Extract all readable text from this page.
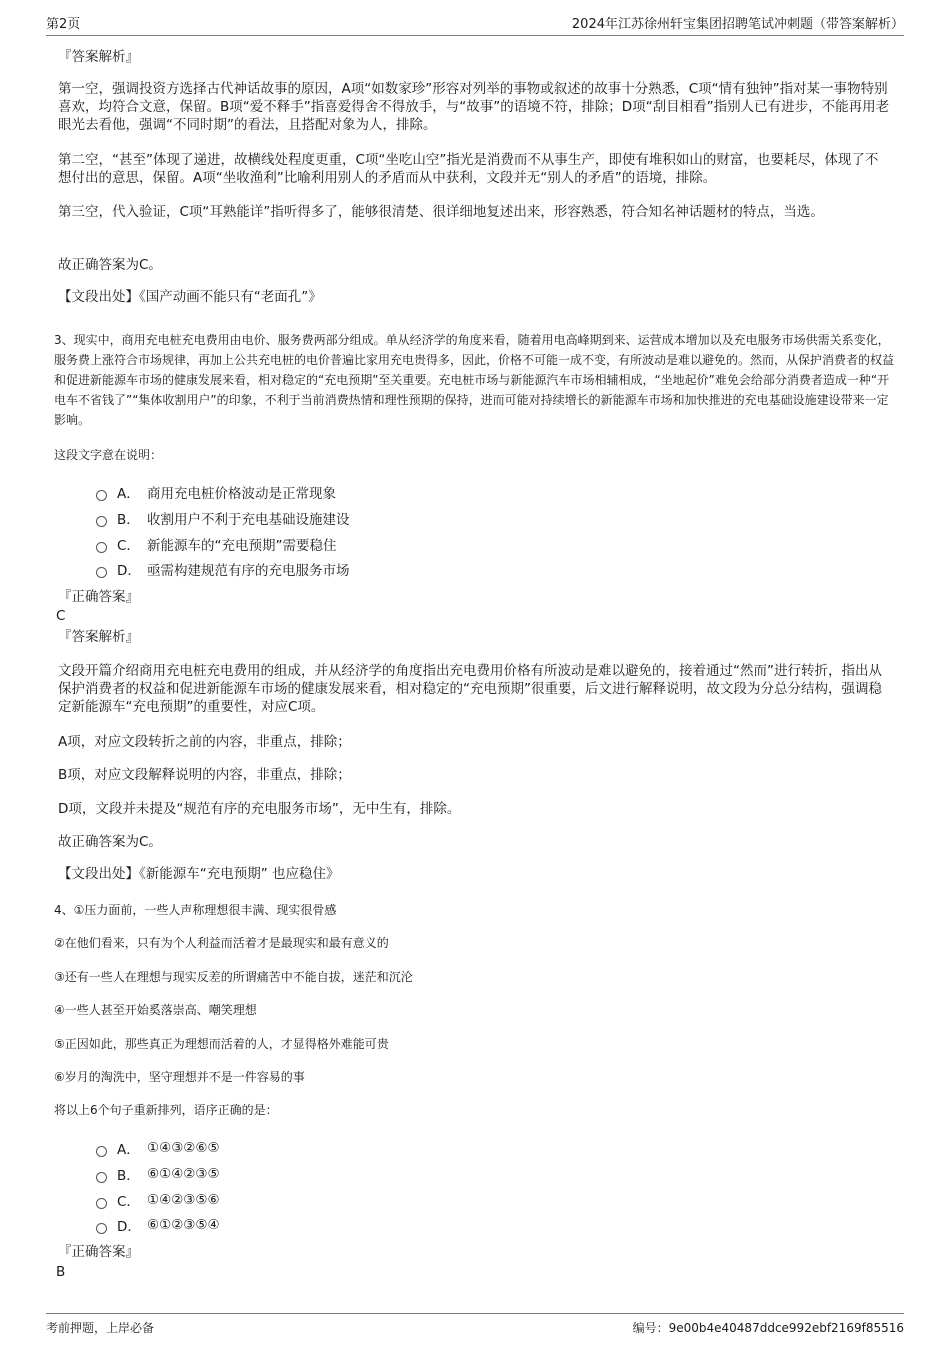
第2页	2024年江苏徐州轩宝集团招聘笔试冲刺题（带答案解析）
『答案解析』
第一空，强调投资方选择古代神话故事的原因，A项“如数家珍”形容对列举的事物或叙述的故事十分熟悉，C项“情有独钟”指对某一事物特别喜欢，均符合文意，保留。B项“爱不释手”指喜爱得舍不得放手，与“故事”的语境不符，排除；D项“刮目相看”指别人已有进步，不能再用老眼光去看他，强调“不同时期”的看法，且搭配对象为人，排除。
第二空，“甚至”体现了递进，故横线处程度更重，C项“坐吃山空”指光是消费而不从事生产，即使有堆积如山的财富，也要耗尽，体现了不想付出的意思，保留。A项“坐收渔利”比喻利用别人的矛盾而从中获利，文段并无“别人的矛盾”的语境，排除。
第三空，代入验证，C项“耳熟能详”指听得多了，能够很清楚、很详细地复述出来，形容熟悉，符合知名神话题材的特点，当选。
故正确答案为C。
【文段出处】《国产动画不能只有“老面孔”》
3、现实中，商用充电桩充电费用由电价、服务费两部分组成。单从经济学的角度来看，随着用电高峰期到来、运营成本增加以及充电服务市场供需关系变化，服务费上涨符合市场规律，再加上公共充电桩的电价普遍比家用充电贵得多，因此，价格不可能一成不变，有所波动是难以避免的。然而，从保护消费者的权益和促进新能源车市场的健康发展来看，相对稳定的“充电预期”至关重要。充电桩市场与新能源汽车市场相辅相成，“坐地起价”难免会给部分消费者造成一种“开电车不省钱了”“集体收割用户”的印象，不利于当前消费热情和理性预期的保持，进而可能对持续增长的新能源车市场和加快推进的充电基础设施建设带来一定影响。
这段文字意在说明：
A． 商用充电桩价格波动是正常现象
B． 收割用户不利于充电基础设施建设
C． 新能源车的“充电预期”需要稳住
D． 亟需构建规范有序的充电服务市场
『正确答案』
C
『答案解析』
文段开篇介绍商用充电桩充电费用的组成，并从经济学的角度指出充电费用价格有所波动是难以避免的，接着通过“然而”进行转折，指出从保护消费者的权益和促进新能源车市场的健康发展来看，相对稳定的“充电预期”很重要，后文进行解释说明，故文段为分总分结构，强调稳定新能源车“充电预期”的重要性，对应C项。
A项，对应文段转折之前的内容，非重点，排除；
B项，对应文段解释说明的内容，非重点，排除；
D项，文段并未提及“规范有序的充电服务市场”，无中生有，排除。
故正确答案为C。
【文段出处】《新能源车“充电预期” 也应稳住》
4、①压力面前，一些人声称理想很丰满、现实很骨感
②在他们看来，只有为个人利益而活着才是最现实和最有意义的
③还有一些人在理想与现实反差的所谓痛苦中不能自拔，迷茫和沉沦
④一些人甚至开始奚落崇高、嘲笑理想
⑤正因如此，那些真正为理想而活着的人，才显得格外难能可贵
⑥岁月的淘洗中，坚守理想并不是一件容易的事
将以上6个句子重新排列，语序正确的是：
A． ①④③②⑥⑤
B． ⑥①④②③⑤
C． ①④②③⑤⑥
D． ⑥①②③⑤④
『正确答案』
B
考前押题，上岸必备	编号：9e00b4e40487ddce992ebf2169f85516
